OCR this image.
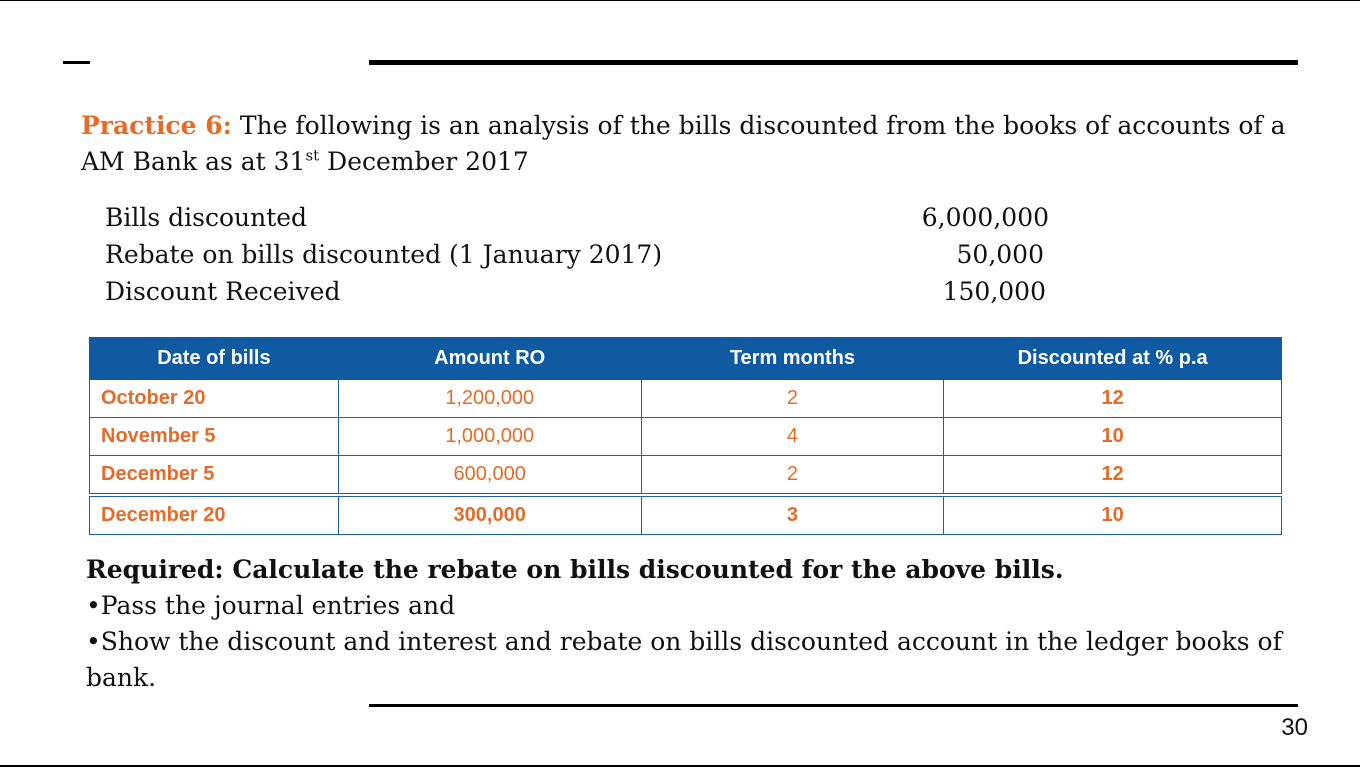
Practice 6: The following is an analysis of the bills discounted from the books of accounts of a AM Bank as at 31st December 2017

Bills discounted	6,000,000
Rebate on bills discounted (1 January 2017)	50,000
Discount Received	150,000
Date of bills	Amount RO	Term months	Discounted at % p.a
October 20	1,200,000	2	12
November 5	1,000,000	4	10
December 5	600,000	2	12
December 20	300,000	3	10
Required: Calculate the rebate on bills discounted for the above bills.
•Pass the journal entries and
•Show the discount and interest and rebate on bills discounted account in the ledger books of bank.
30
